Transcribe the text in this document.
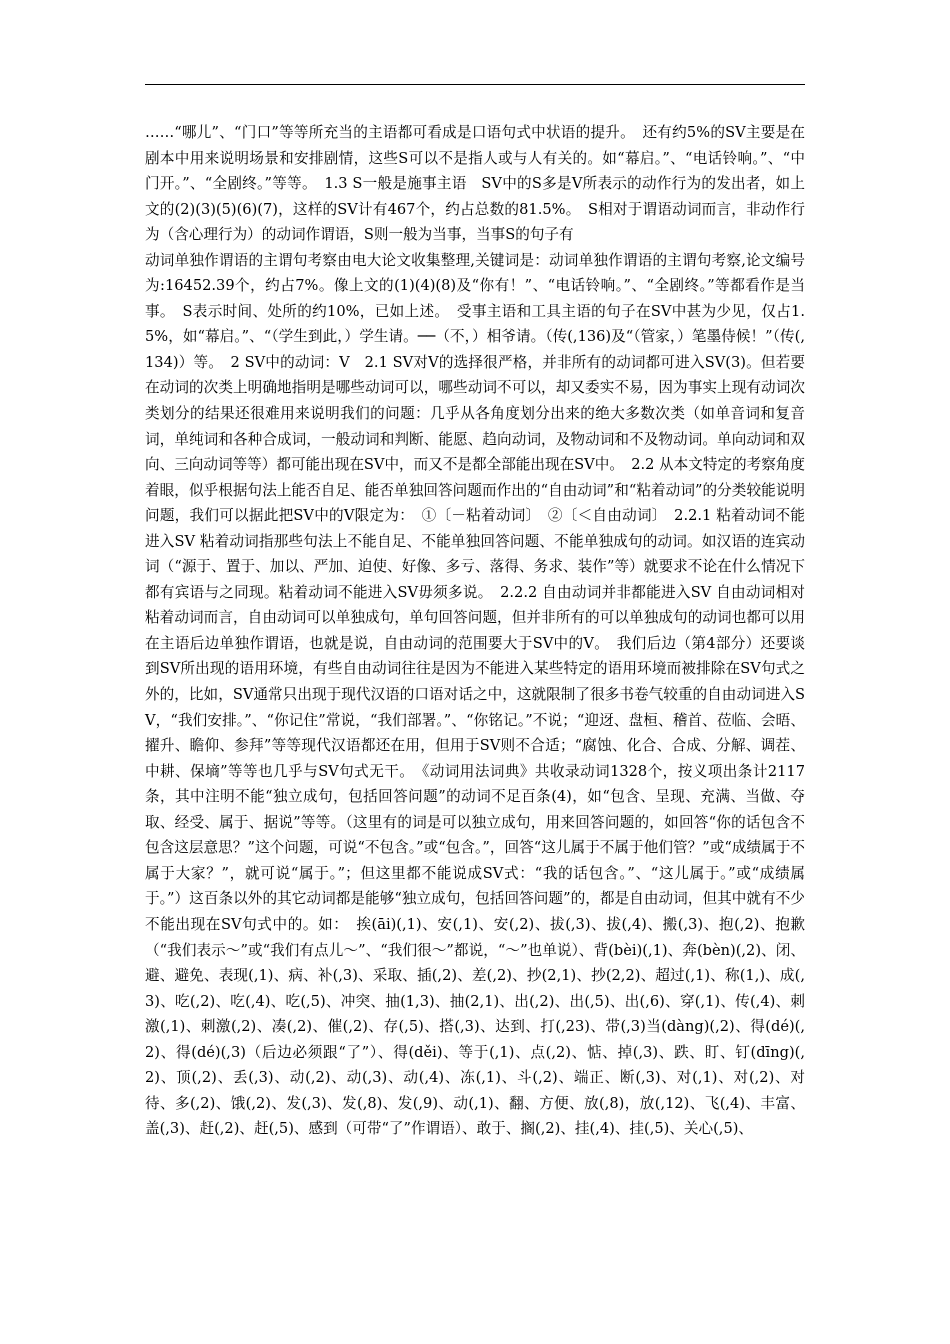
……“哪儿”、“门口”等等所充当的主语都可看成是口语句式中状语的提升。　还有约5%的SV主要是在剧本中用来说明场景和安排剧情，这些S可以不是指人或与人有关的。如“幕启。”、“电话铃响。”、“中门开。”、“全剧终。”等等。　1.3 S一般是施事主语　SV中的S多是V所表示的动作行为的发出者，如上文的(2)(3)(5)(6)(7)，这样的SV计有467个，约占总数的81.5%。　S相对于谓语动词而言，非动作行为（含心理行为）的动词作谓语，S则一般为当事，当事S的句子有

动词单独作谓语的主谓句考察由电大论文收集整理,关键词是：动词单独作谓语的主谓句考察,论文编号为:16452.39个，约占7%。像上文的(1)(4)(8)及“你有！”、“电话铃响。”、“全剧终。”等都看作是当事。　S表示时间、处所的约10%，已如上述。　受事主语和工具主语的句子在SV中甚为少见，仅占1.5%，如“幕启。”、“（学生到此，）学生请。──（不，）相爷请。（传(,136)及“（管家，）笔墨侍候！”（传(,134)）等。　2 SV中的动词：V　2.1 SV对V的选择很严格，并非所有的动词都可进入SV(3)。但若要在动词的次类上明确地指明是哪些动词可以，哪些动词不可以，却又委实不易，因为事实上现有动词次类划分的结果还很难用来说明我们的问题：几乎从各角度划分出来的绝大多数次类（如单音词和复音词，单纯词和各种合成词，一般动词和判断、能愿、趋向动词，及物动词和不及物动词。单向动词和双向、三向动词等等）都可能出现在SV中，而又不是都全部能出现在SV中。　2.2 从本文特定的考察角度着眼，似乎根据句法上能否自足、能否单独回答问题而作出的“自由动词”和“粘着动词”的分类较能说明问题，我们可以据此把SV中的V限定为：　①〔－粘着动词〕　②〔＜自由动词〕　2.2.1 粘着动词不能进入SV 粘着动词指那些句法上不能自足、不能单独回答问题、不能单独成句的动词。如汉语的连宾动词（“源于、置于、加以、严加、迫使、好像、多亏、落得、务求、装作”等）就要求不论在什么情况下都有宾语与之同现。粘着动词不能进入SV毋须多说。　2.2.2 自由动词并非都能进入SV 自由动词相对粘着动词而言，自由动词可以单独成句，单句回答问题，但并非所有的可以单独成句的动词也都可以用在主语后边单独作谓语，也就是说，自由动词的范围要大于SV中的V。　我们后边（第4部分）还要谈到SV所出现的语用环境，有些自由动词往往是因为不能进入某些特定的语用环境而被排除在SV句式之外的，比如，SV通常只出现于现代汉语的口语对话之中，这就限制了很多书卷气较重的自由动词进入SV，“我们安排。”、“你记住”常说，“我们部署。”、“你铭记。”不说；“迎迓、盘桓、稽首、莅临、会晤、擢升、瞻仰、参拜”等等现代汉语都还在用，但用于SV则不合适；“腐蚀、化合、合成、分解、调茬、中耕、保墒”等等也几乎与SV句式无干。　《动词用法词典》共收录动词1328个，按义项出条计2117条，其中注明不能“独立成句，包括回答问题”的动词不足百条(4)，如“包含、呈现、充满、当做、夺取、经受、属于、据说”等等。（这里有的词是可以独立成句，用来回答问题的，如回答“你的话包含不包含这层意思？”这个问题，可说“不包含。”或“包含。”，回答“这儿属于不属于他们管？”或“成绩属于不属于大家？”，就可说“属于。”；但这里都不能说成SV式：“我的话包含。”、“这儿属于。”或“成绩属于。”）这百条以外的其它动词都是能够“独立成句，包括回答问题”的，都是自由动词，但其中就有不少不能出现在SV句式中的。如：　挨(āi)(,1)、安(,1)、安(,2)、拔(,3)、拔(,4)、搬(,3)、抱(,2)、抱歉（“我们表示～”或“我们有点儿～”、“我们很～”都说，“～”也单说）、背(bèi)(,1)、奔(bèn)(,2)、闭、避、避免、表现(,1)、病、补(,3)、采取、插(,2)、差(,2)、抄(2,1)、抄(2,2)、超过(,1)、称(1,)、成(,3)、吃(,2)、吃(,4)、吃(,5)、冲突、抽(1,3)、抽(2,1)、出(,2)、出(,5)、出(,6)、穿(,1)、传(,4)、刺激(,1)、刺激(,2)、凑(,2)、催(,2)、存(,5)、搭(,3)、达到、打(,23)、带(,3)当(dàng)(,2)、得(dé)(,2)、得(dé)(,3)（后边必须跟“了”）、得(děi)、等于(,1)、点(,2)、惦、掉(,3)、跌、盯、钉(dīng)(,2)、顶(,2)、丢(,3)、动(,2)、动(,3)、动(,4)、冻(,1)、斗(,2)、端正、断(,3)、对(,1)、对(,2)、对待、多(,2)、饿(,2)、发(,3)、发(,8)、发(,9)、动(,1)、翻、方便、放(,8)，放(,12)、飞(,4)、丰富、盖(,3)、赶(,2)、赶(,5)、感到（可带“了”作谓语）、敢于、搁(,2)、挂(,4)、挂(,5)、关心(,5)、
